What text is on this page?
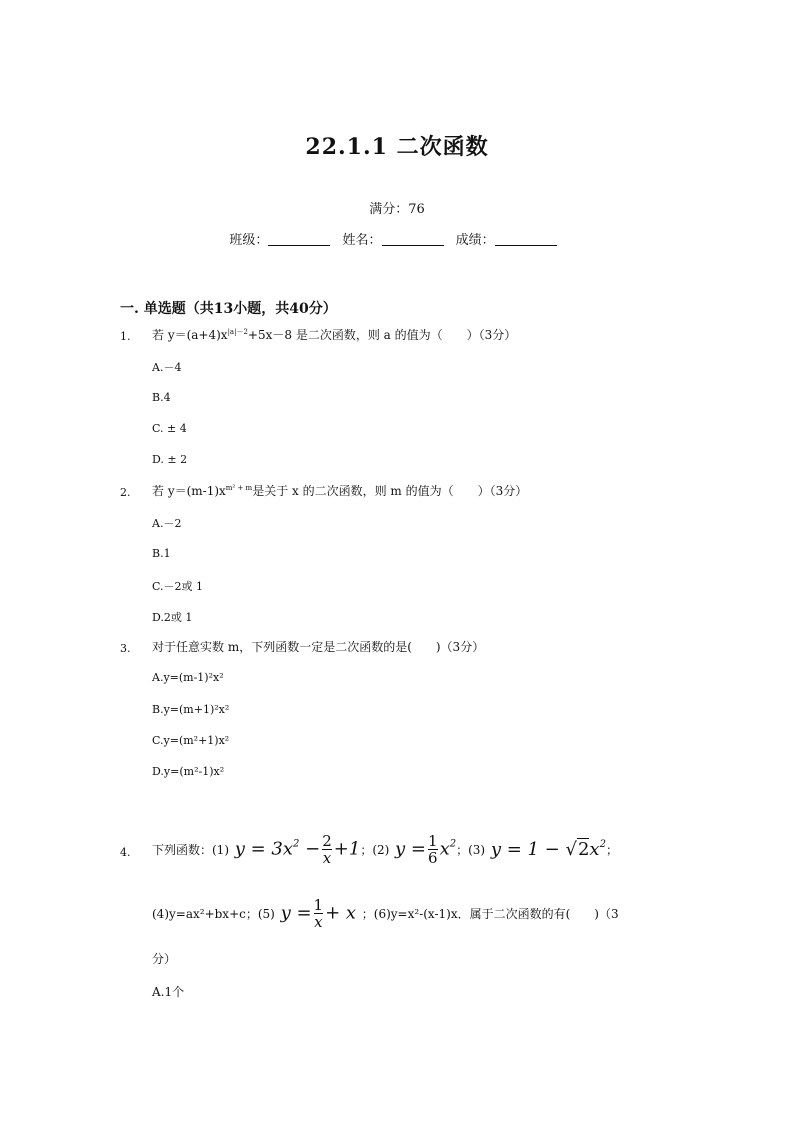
22.1.1 二次函数
满分：76
班级：	姓名：	成绩：
一. 单选题（共13小题，共40分）
1. 若 $y=(a+4)x^{|a|-2}+5x-8$ 是二次函数，则 a 的值为（　　）（3分）
A.－4
B.4
C. ± 4
D. ± 2
2. 若 $y=(m-1)x^{m^2 + m}$是关于 x 的二次函数，则 m 的值为（　　）（3分）
A.－2
B.1
C.－2或 1
D.2或 1
3. 对于任意实数 m，下列函数一定是二次函数的是(　　)（3分）
A.y=(m-1)²x²
B.y=(m+1)²x²
C.y=(m²+1)x²
D.y=(m²-1)x²
4. 下列函数：(1) $y = 3x^2 - \frac{2}{x} +1$ ；(2) $y = \frac{1}{6} x^2$ ；(3) $y = 1 - √2x^2$ ；
(4)y=ax²+bx+c；(5) $y = \frac{1}{x} + x$ ；(6)y=x²-(x-1)x．属于二次函数的有(　　)（3
分）
A.1个
